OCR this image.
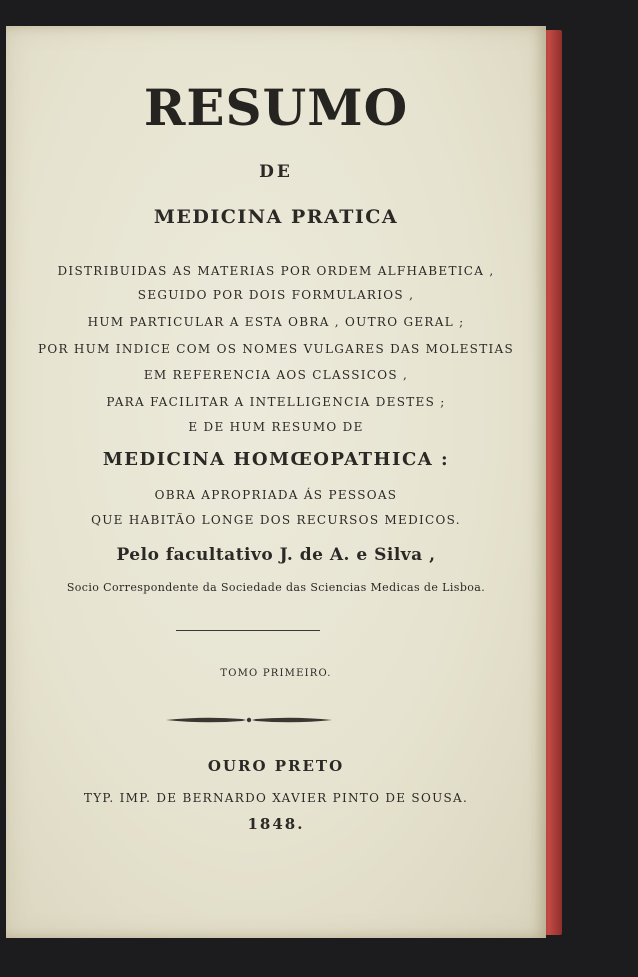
RESUMO
DE
MEDICINA PRATICA
DISTRIBUIDAS AS MATERIAS POR ORDEM ALFHABETICA ,
SEGUIDO POR DOIS FORMULARIOS ,
HUM PARTICULAR A ESTA OBRA , OUTRO GERAL ;
POR HUM INDICE COM OS NOMES VULGARES DAS MOLESTIAS
EM REFERENCIA AOS CLASSICOS ,
PARA FACILITAR A INTELLIGENCIA DESTES ;
E DE HUM RESUMO DE
MEDICINA HOMŒOPATHICA :
OBRA APROPRIADA ÁS PESSOAS
QUE HABITÃO LONGE DOS RECURSOS MEDICOS.
Pelo facultativo J. de A. e Silva ,
Socio Correspondente da Sociedade das Sciencias Medicas de Lisboa.
TOMO PRIMEIRO.
OURO PRETO
TYP. IMP. DE BERNARDO XAVIER PINTO DE SOUSA.
1848.
